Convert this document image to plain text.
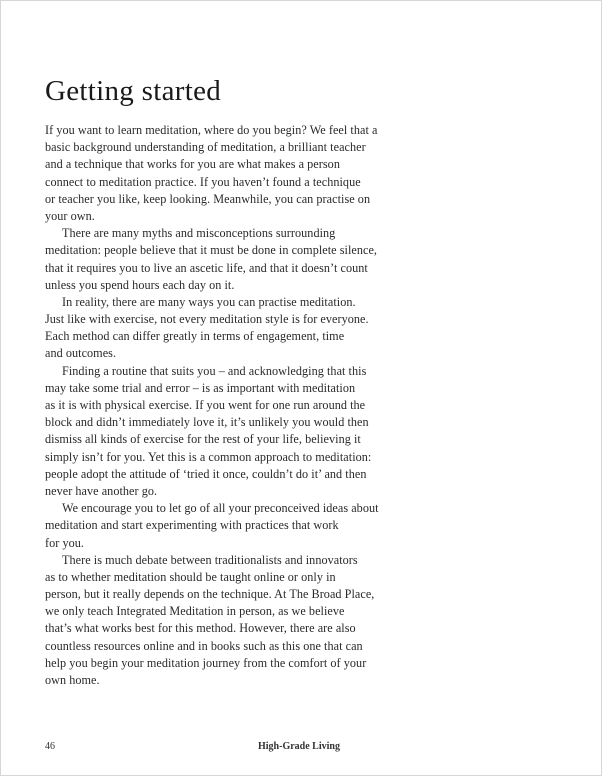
Getting started
If you want to learn meditation, where do you begin? We feel that a
basic background understanding of meditation, a brilliant teacher
and a technique that works for you are what makes a person
connect to meditation practice. If you haven’t found a technique
or teacher you like, keep looking. Meanwhile, you can practise on
your own.
There are many myths and misconceptions surrounding
meditation: people believe that it must be done in complete silence,
that it requires you to live an ascetic life, and that it doesn’t count
unless you spend hours each day on it.
In reality, there are many ways you can practise meditation.
Just like with exercise, not every meditation style is for everyone.
Each method can differ greatly in terms of engagement, time
and outcomes.
Finding a routine that suits you – and acknowledging that this
may take some trial and error – is as important with meditation
as it is with physical exercise. If you went for one run around the
block and didn’t immediately love it, it’s unlikely you would then
dismiss all kinds of exercise for the rest of your life, believing it
simply isn’t for you. Yet this is a common approach to meditation:
people adopt the attitude of ‘tried it once, couldn’t do it’ and then
never have another go.
We encourage you to let go of all your preconceived ideas about
meditation and start experimenting with practices that work
for you.
There is much debate between traditionalists and innovators
as to whether meditation should be taught online or only in
person, but it really depends on the technique. At The Broad Place,
we only teach Integrated Meditation in person, as we believe
that’s what works best for this method. However, there are also
countless resources online and in books such as this one that can
help you begin your meditation journey from the comfort of your
own home.
46	High-Grade Living
